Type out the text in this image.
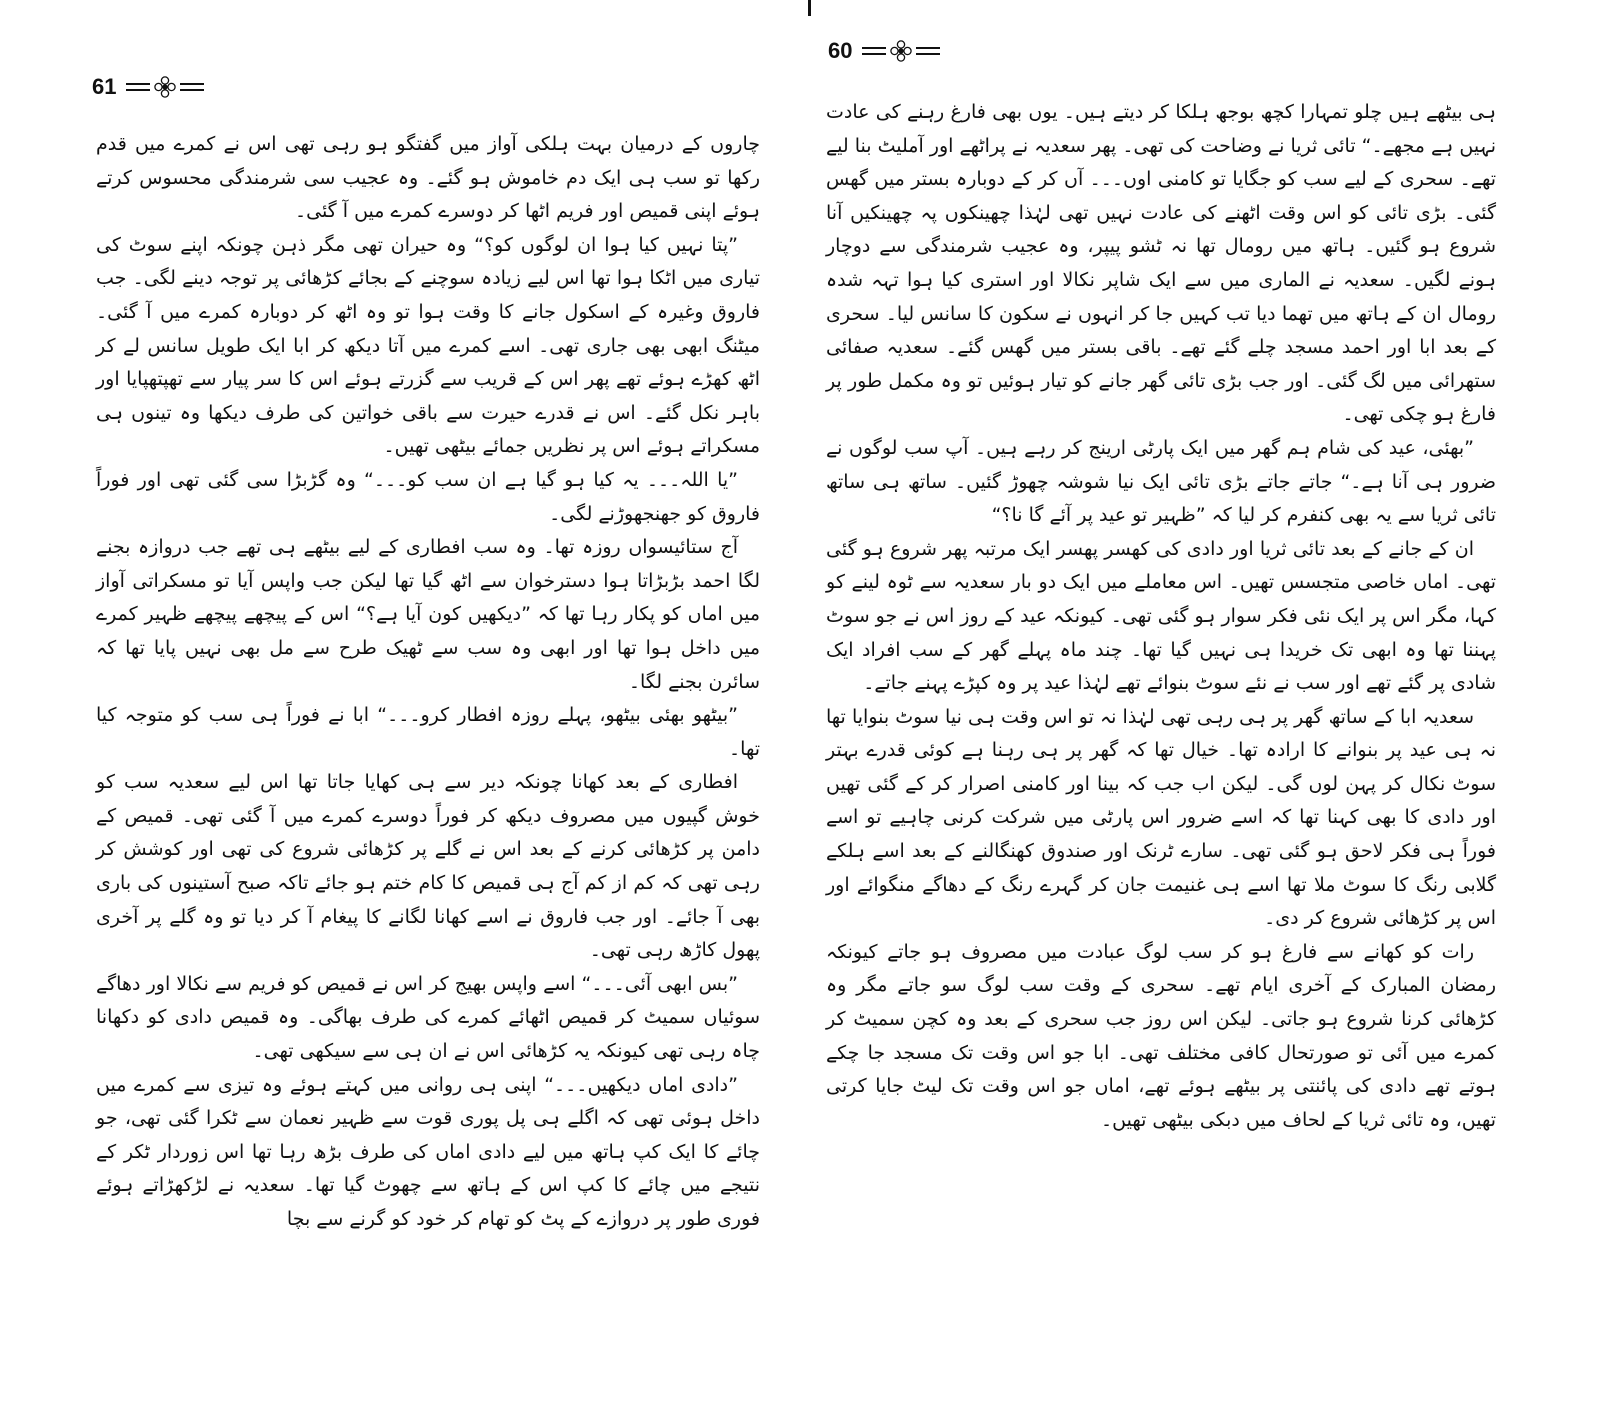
61

چاروں کے درمیان بہت ہلکی آواز میں گفتگو ہو رہی تھی اس نے کمرے میں قدم رکھا تو سب ہی ایک دم خاموش ہو گئے۔ وہ عجیب سی شرمندگی محسوس کرتے ہوئے اپنی قمیص اور فریم اٹھا کر دوسرے کمرے میں آ گئی۔

”پتا نہیں کیا ہوا ان لوگوں کو؟“ وہ حیران تھی مگر ذہن چونکہ اپنے سوٹ کی تیاری میں اٹکا ہوا تھا اس لیے زیادہ سوچنے کے بجائے کڑھائی پر توجہ دینے لگی۔ جب فاروق وغیرہ کے اسکول جانے کا وقت ہوا تو وہ اٹھ کر دوبارہ کمرے میں آ گئی۔ میٹنگ ابھی بھی جاری تھی۔ اسے کمرے میں آتا دیکھ کر ابا ایک طویل سانس لے کر اٹھ کھڑے ہوئے تھے پھر اس کے قریب سے گزرتے ہوئے اس کا سر پیار سے تھپتھپایا اور باہر نکل گئے۔ اس نے قدرے حیرت سے باقی خواتین کی طرف دیکھا وہ تینوں ہی مسکراتے ہوئے اس پر نظریں جمائے بیٹھی تھیں۔

”یا اللہ۔۔۔ یہ کیا ہو گیا ہے ان سب کو۔۔۔“ وہ گڑبڑا سی گئی تھی اور فوراً فاروق کو جھنجھوڑنے لگی۔

آج ستائیسواں روزہ تھا۔ وہ سب افطاری کے لیے بیٹھے ہی تھے جب دروازہ بجنے لگا احمد بڑبڑاتا ہوا دسترخوان سے اٹھ گیا تھا لیکن جب واپس آیا تو مسکراتی آواز میں اماں کو پکار رہا تھا کہ ”دیکھیں کون آیا ہے؟“ اس کے پیچھے پیچھے ظہیر کمرے میں داخل ہوا تھا اور ابھی وہ سب سے ٹھیک طرح سے مل بھی نہیں پایا تھا کہ سائرن بجنے لگا۔

”بیٹھو بھئی بیٹھو، پہلے روزہ افطار کرو۔۔۔“ ابا نے فوراً ہی سب کو متوجہ کیا تھا۔

افطاری کے بعد کھانا چونکہ دیر سے ہی کھایا جاتا تھا اس لیے سعدیہ سب کو خوش گپیوں میں مصروف دیکھ کر فوراً دوسرے کمرے میں آ گئی تھی۔ قمیص کے دامن پر کڑھائی کرنے کے بعد اس نے گلے پر کڑھائی شروع کی تھی اور کوشش کر رہی تھی کہ کم از کم آج ہی قمیص کا کام ختم ہو جائے تاکہ صبح آستینوں کی باری بھی آ جائے۔ اور جب فاروق نے اسے کھانا لگانے کا پیغام آ کر دیا تو وہ گلے پر آخری پھول کاڑھ رہی تھی۔

”بس ابھی آئی۔۔۔“ اسے واپس بھیج کر اس نے قمیص کو فریم سے نکالا اور دھاگے سوئیاں سمیٹ کر قمیص اٹھائے کمرے کی طرف بھاگی۔ وہ قمیص دادی کو دکھانا چاہ رہی تھی کیونکہ یہ کڑھائی اس نے ان ہی سے سیکھی تھی۔

”دادی اماں دیکھیں۔۔۔“ اپنی ہی روانی میں کہتے ہوئے وہ تیزی سے کمرے میں داخل ہوئی تھی کہ اگلے ہی پل پوری قوت سے ظہیر نعمان سے ٹکرا گئی تھی، جو چائے کا ایک کپ ہاتھ میں لیے دادی اماں کی طرف بڑھ رہا تھا اس زوردار ٹکر کے نتیجے میں چائے کا کپ اس کے ہاتھ سے چھوٹ گیا تھا۔ سعدیہ نے لڑکھڑاتے ہوئے فوری طور پر دروازے کے پٹ کو تھام کر خود کو گرنے سے بچا

60

ہی بیٹھے ہیں چلو تمہارا کچھ بوجھ ہلکا کر دیتے ہیں۔ یوں بھی فارغ رہنے کی عادت نہیں ہے مجھے۔“ تائی ثریا نے وضاحت کی تھی۔ پھر سعدیہ نے پراٹھے اور آملیٹ بنا لیے تھے۔ سحری کے لیے سب کو جگایا تو کامنی اوں۔۔۔ آں کر کے دوبارہ بستر میں گھس گئی۔ بڑی تائی کو اس وقت اٹھنے کی عادت نہیں تھی لہٰذا چھینکوں پہ چھینکیں آنا شروع ہو گئیں۔ ہاتھ میں رومال تھا نہ ٹشو پیپر، وہ عجیب شرمندگی سے دوچار ہونے لگیں۔ سعدیہ نے الماری میں سے ایک شاپر نکالا اور استری کیا ہوا تہہ شدہ رومال ان کے ہاتھ میں تھما دیا تب کہیں جا کر انہوں نے سکون کا سانس لیا۔ سحری کے بعد ابا اور احمد مسجد چلے گئے تھے۔ باقی بستر میں گھس گئے۔ سعدیہ صفائی ستھرائی میں لگ گئی۔ اور جب بڑی تائی گھر جانے کو تیار ہوئیں تو وہ مکمل طور پر فارغ ہو چکی تھی۔

”بھئی، عید کی شام ہم گھر میں ایک پارٹی ارینج کر رہے ہیں۔ آپ سب لوگوں نے ضرور ہی آنا ہے۔“ جاتے جاتے بڑی تائی ایک نیا شوشہ چھوڑ گئیں۔ ساتھ ہی ساتھ تائی ثریا سے یہ بھی کنفرم کر لیا کہ ”ظہیر تو عید پر آئے گا نا؟“

ان کے جانے کے بعد تائی ثریا اور دادی کی کھسر پھسر ایک مرتبہ پھر شروع ہو گئی تھی۔ اماں خاصی متجسس تھیں۔ اس معاملے میں ایک دو بار سعدیہ سے ٹوہ لینے کو کہا، مگر اس پر ایک نئی فکر سوار ہو گئی تھی۔ کیونکہ عید کے روز اس نے جو سوٹ پہننا تھا وہ ابھی تک خریدا ہی نہیں گیا تھا۔ چند ماہ پہلے گھر کے سب افراد ایک شادی پر گئے تھے اور سب نے نئے سوٹ بنوائے تھے لہٰذا عید پر وہ کپڑے پہنے جاتے۔

سعدیہ ابا کے ساتھ گھر پر ہی رہی تھی لہٰذا نہ تو اس وقت ہی نیا سوٹ بنوایا تھا نہ ہی عید پر بنوانے کا ارادہ تھا۔ خیال تھا کہ گھر پر ہی رہنا ہے کوئی قدرے بہتر سوٹ نکال کر پہن لوں گی۔ لیکن اب جب کہ بینا اور کامنی اصرار کر کے گئی تھیں اور دادی کا بھی کہنا تھا کہ اسے ضرور اس پارٹی میں شرکت کرنی چاہیے تو اسے فوراً ہی فکر لاحق ہو گئی تھی۔ سارے ٹرنک اور صندوق کھنگالنے کے بعد اسے ہلکے گلابی رنگ کا سوٹ ملا تھا اسے ہی غنیمت جان کر گہرے رنگ کے دھاگے منگوائے اور اس پر کڑھائی شروع کر دی۔

رات کو کھانے سے فارغ ہو کر سب لوگ عبادت میں مصروف ہو جاتے کیونکہ رمضان المبارک کے آخری ایام تھے۔ سحری کے وقت سب لوگ سو جاتے مگر وہ کڑھائی کرنا شروع ہو جاتی۔ لیکن اس روز جب سحری کے بعد وہ کچن سمیٹ کر کمرے میں آئی تو صورتحال کافی مختلف تھی۔ ابا جو اس وقت تک مسجد جا چکے ہوتے تھے دادی کی پائنتی پر بیٹھے ہوئے تھے، اماں جو اس وقت تک لیٹ جایا کرتی تھیں، وہ تائی ثریا کے لحاف میں دبکی بیٹھی تھیں۔
